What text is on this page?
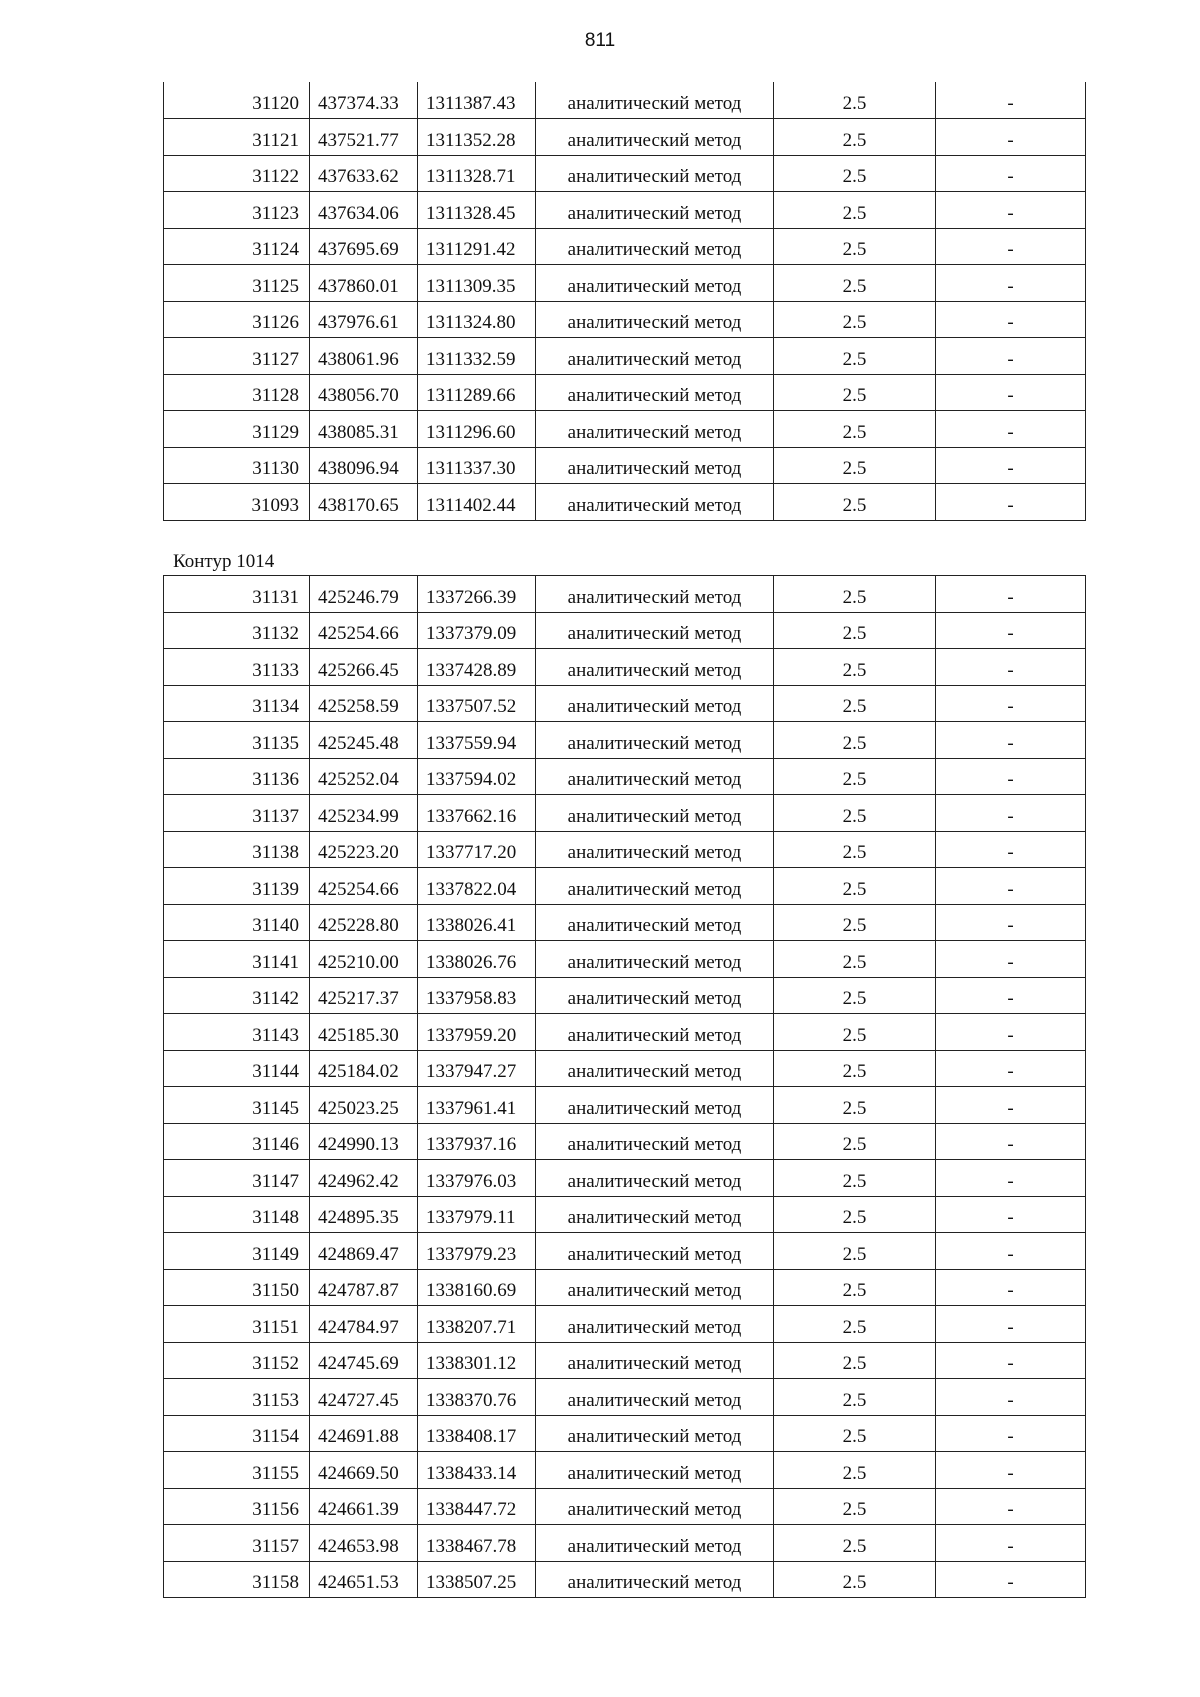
811
31120	437374.33	1311387.43	аналитический метод	2.5	-
31121	437521.77	1311352.28	аналитический метод	2.5	-
31122	437633.62	1311328.71	аналитический метод	2.5	-
31123	437634.06	1311328.45	аналитический метод	2.5	-
31124	437695.69	1311291.42	аналитический метод	2.5	-
31125	437860.01	1311309.35	аналитический метод	2.5	-
31126	437976.61	1311324.80	аналитический метод	2.5	-
31127	438061.96	1311332.59	аналитический метод	2.5	-
31128	438056.70	1311289.66	аналитический метод	2.5	-
31129	438085.31	1311296.60	аналитический метод	2.5	-
31130	438096.94	1311337.30	аналитический метод	2.5	-
31093	438170.65	1311402.44	аналитический метод	2.5	-
Контур 1014
31131	425246.79	1337266.39	аналитический метод	2.5	-
31132	425254.66	1337379.09	аналитический метод	2.5	-
31133	425266.45	1337428.89	аналитический метод	2.5	-
31134	425258.59	1337507.52	аналитический метод	2.5	-
31135	425245.48	1337559.94	аналитический метод	2.5	-
31136	425252.04	1337594.02	аналитический метод	2.5	-
31137	425234.99	1337662.16	аналитический метод	2.5	-
31138	425223.20	1337717.20	аналитический метод	2.5	-
31139	425254.66	1337822.04	аналитический метод	2.5	-
31140	425228.80	1338026.41	аналитический метод	2.5	-
31141	425210.00	1338026.76	аналитический метод	2.5	-
31142	425217.37	1337958.83	аналитический метод	2.5	-
31143	425185.30	1337959.20	аналитический метод	2.5	-
31144	425184.02	1337947.27	аналитический метод	2.5	-
31145	425023.25	1337961.41	аналитический метод	2.5	-
31146	424990.13	1337937.16	аналитический метод	2.5	-
31147	424962.42	1337976.03	аналитический метод	2.5	-
31148	424895.35	1337979.11	аналитический метод	2.5	-
31149	424869.47	1337979.23	аналитический метод	2.5	-
31150	424787.87	1338160.69	аналитический метод	2.5	-
31151	424784.97	1338207.71	аналитический метод	2.5	-
31152	424745.69	1338301.12	аналитический метод	2.5	-
31153	424727.45	1338370.76	аналитический метод	2.5	-
31154	424691.88	1338408.17	аналитический метод	2.5	-
31155	424669.50	1338433.14	аналитический метод	2.5	-
31156	424661.39	1338447.72	аналитический метод	2.5	-
31157	424653.98	1338467.78	аналитический метод	2.5	-
31158	424651.53	1338507.25	аналитический метод	2.5	-
